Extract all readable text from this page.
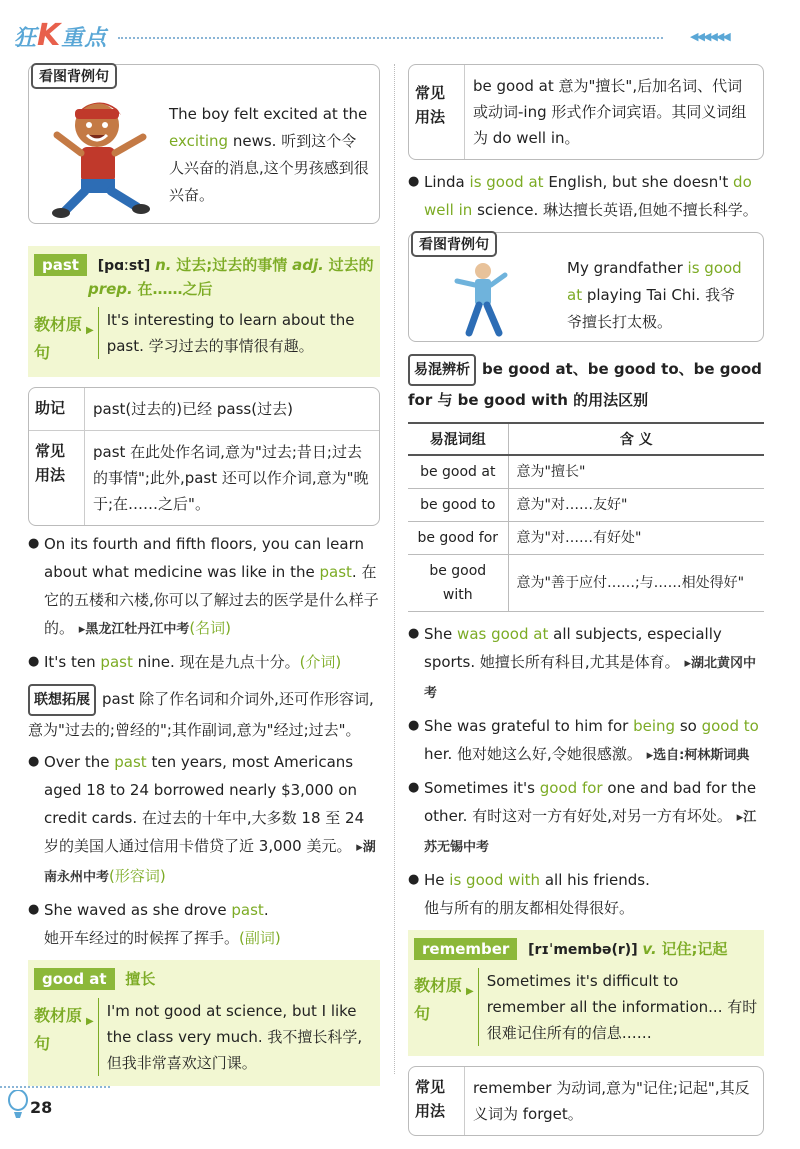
狂K重点	◀◀◀◀◀◀
看图背例句
The boy felt excited at the exciting news. 听到这个令人兴奋的消息,这个男孩感到很兴奋。
past [pɑːst] n. 过去;过去的事情 adj. 过去的
prep. 在……之后
教材原句
▶
It's interesting to learn about the past. 学习过去的事情很有趣。
助记	past(过去的)已经 pass(过去)
常见用法
past 在此处作名词,意为"过去;昔日;过去的事情";此外,past 还可以作介词,意为"晚于;在……之后"。
● On its fourth and fifth floors, you can learn about what medicine was like in the past. 在它的五楼和六楼,你可以了解过去的医学是什么样子的。 ▸黑龙江牡丹江中考(名词)
● It's ten past nine. 现在是九点十分。(介词)
联想拓展 past 除了作名词和介词外,还可作形容词,意为"过去的;曾经的";其作副词,意为"经过;过去"。
● Over the past ten years, most Americans aged 18 to 24 borrowed nearly $3,000 on credit cards. 在过去的十年中,大多数 18 至 24 岁的美国人通过信用卡借贷了近 3,000 美元。 ▸湖南永州中考(形容词)
● She waved as she drove past.
她开车经过的时候挥了挥手。(副词)
good at 擅长
教材原句
▶
I'm not good at science, but I like the class very much. 我不擅长科学,但我非常喜欢这门课。
常见用法
be good at 意为"擅长",后加名词、代词或动词-ing 形式作介词宾语。其同义词组为 do well in。
● Linda is good at English, but she doesn't do well in science. 琳达擅长英语,但她不擅长科学。
看图背例句
My grandfather is good at playing Tai Chi. 我爷爷擅长打太极。
易混辨析 be good at、be good to、be good for 与 be good with 的用法区别
易混词组	含 义
be good at	意为"擅长"
be good to	意为"对……友好"
be good for	意为"对……有好处"
be good with	意为"善于应付……;与……相处得好"
● She was good at all subjects, especially sports. 她擅长所有科目,尤其是体育。 ▸湖北黄冈中考
● She was grateful to him for being so good to her. 他对她这么好,令她很感激。 ▸选自:柯林斯词典
● Sometimes it's good for one and bad for the other. 有时这对一方有好处,对另一方有坏处。 ▸江苏无锡中考
● He is good with all his friends.
他与所有的朋友都相处得很好。
remember [rɪˈmembə(r)] v. 记住;记起
教材原句
▶
Sometimes it's difficult to remember all the information... 有时很难记住所有的信息……
常见用法
remember 为动词,意为"记住;记起",其反义词为 forget。
28
